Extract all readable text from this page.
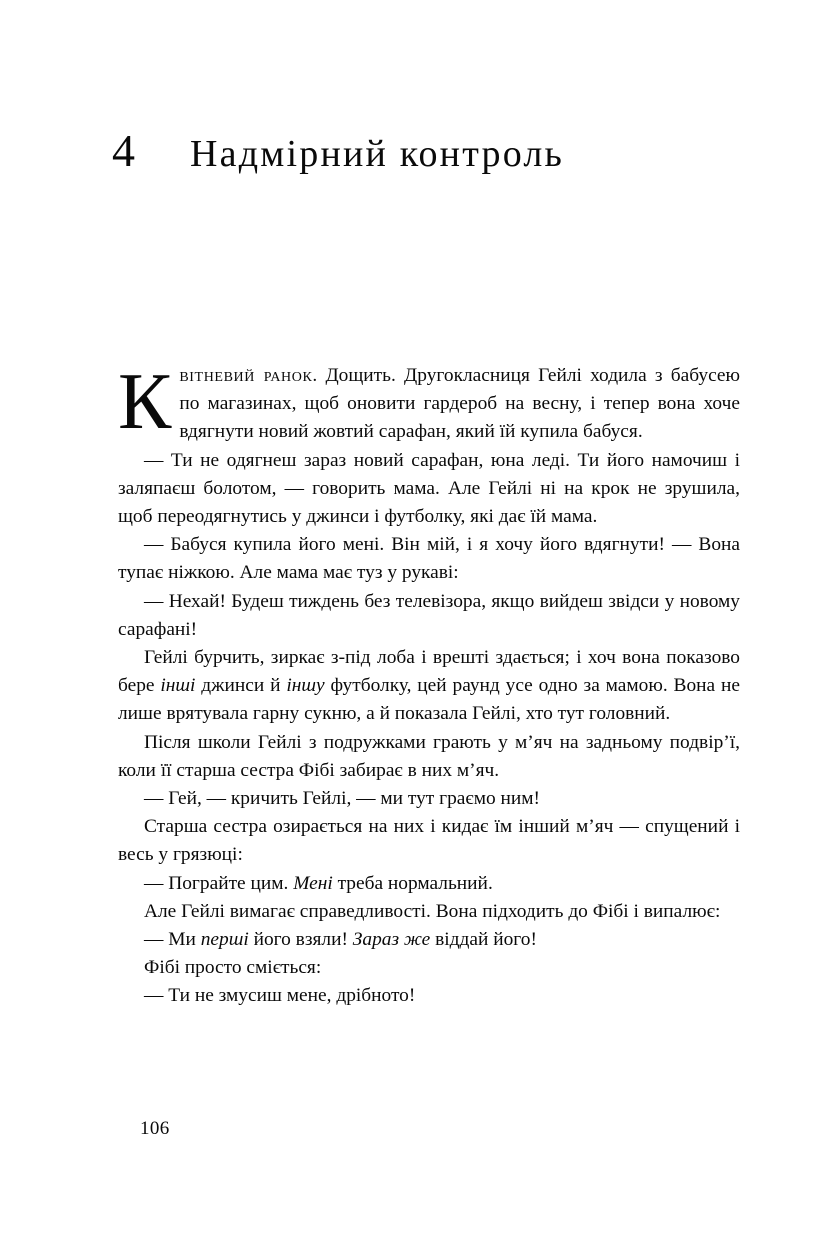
4	Надмірний контроль

Квітневий ранок. Дощить. Другокласниця Гейлі ходила з бабусею по магазинах, щоб оновити гардероб на весну, і тепер вона хоче вдягнути новий жовтий сарафан, який їй купила бабуся.

— Ти не одягнеш зараз новий сарафан, юна леді. Ти його намочиш і заляпаєш болотом, — говорить мама. Але Гейлі ні на крок не зрушила, щоб переодягнутись у джинси і футболку, які дає їй мама.

— Бабуся купила його мені. Він мій, і я хочу його вдягнути! — Вона тупає ніжкою. Але мама має туз у рукаві:

— Нехай! Будеш тиждень без телевізора, якщо вийдеш звідси у новому сарафані!

Гейлі бурчить, зиркає з-під лоба і врешті здається; і хоч вона показово бере інші джинси й іншу футболку, цей раунд усе одно за мамою. Вона не лише врятувала гарну сукню, а й показала Гейлі, хто тут головний.

Після школи Гейлі з подружками грають у м’яч на задньому подвір’ї, коли її старша сестра Фібі забирає в них м’яч.

— Гей, — кричить Гейлі, — ми тут граємо ним!

Старша сестра озирається на них і кидає їм інший м’яч — спущений і весь у грязюці:

— Пограйте цим. Мені треба нормальний.

Але Гейлі вимагає справедливості. Вона підходить до Фібі і випалює:

— Ми перші його взяли! Зараз же віддай його!

Фібі просто сміється:

— Ти не змусиш мене, дрібното!

106
